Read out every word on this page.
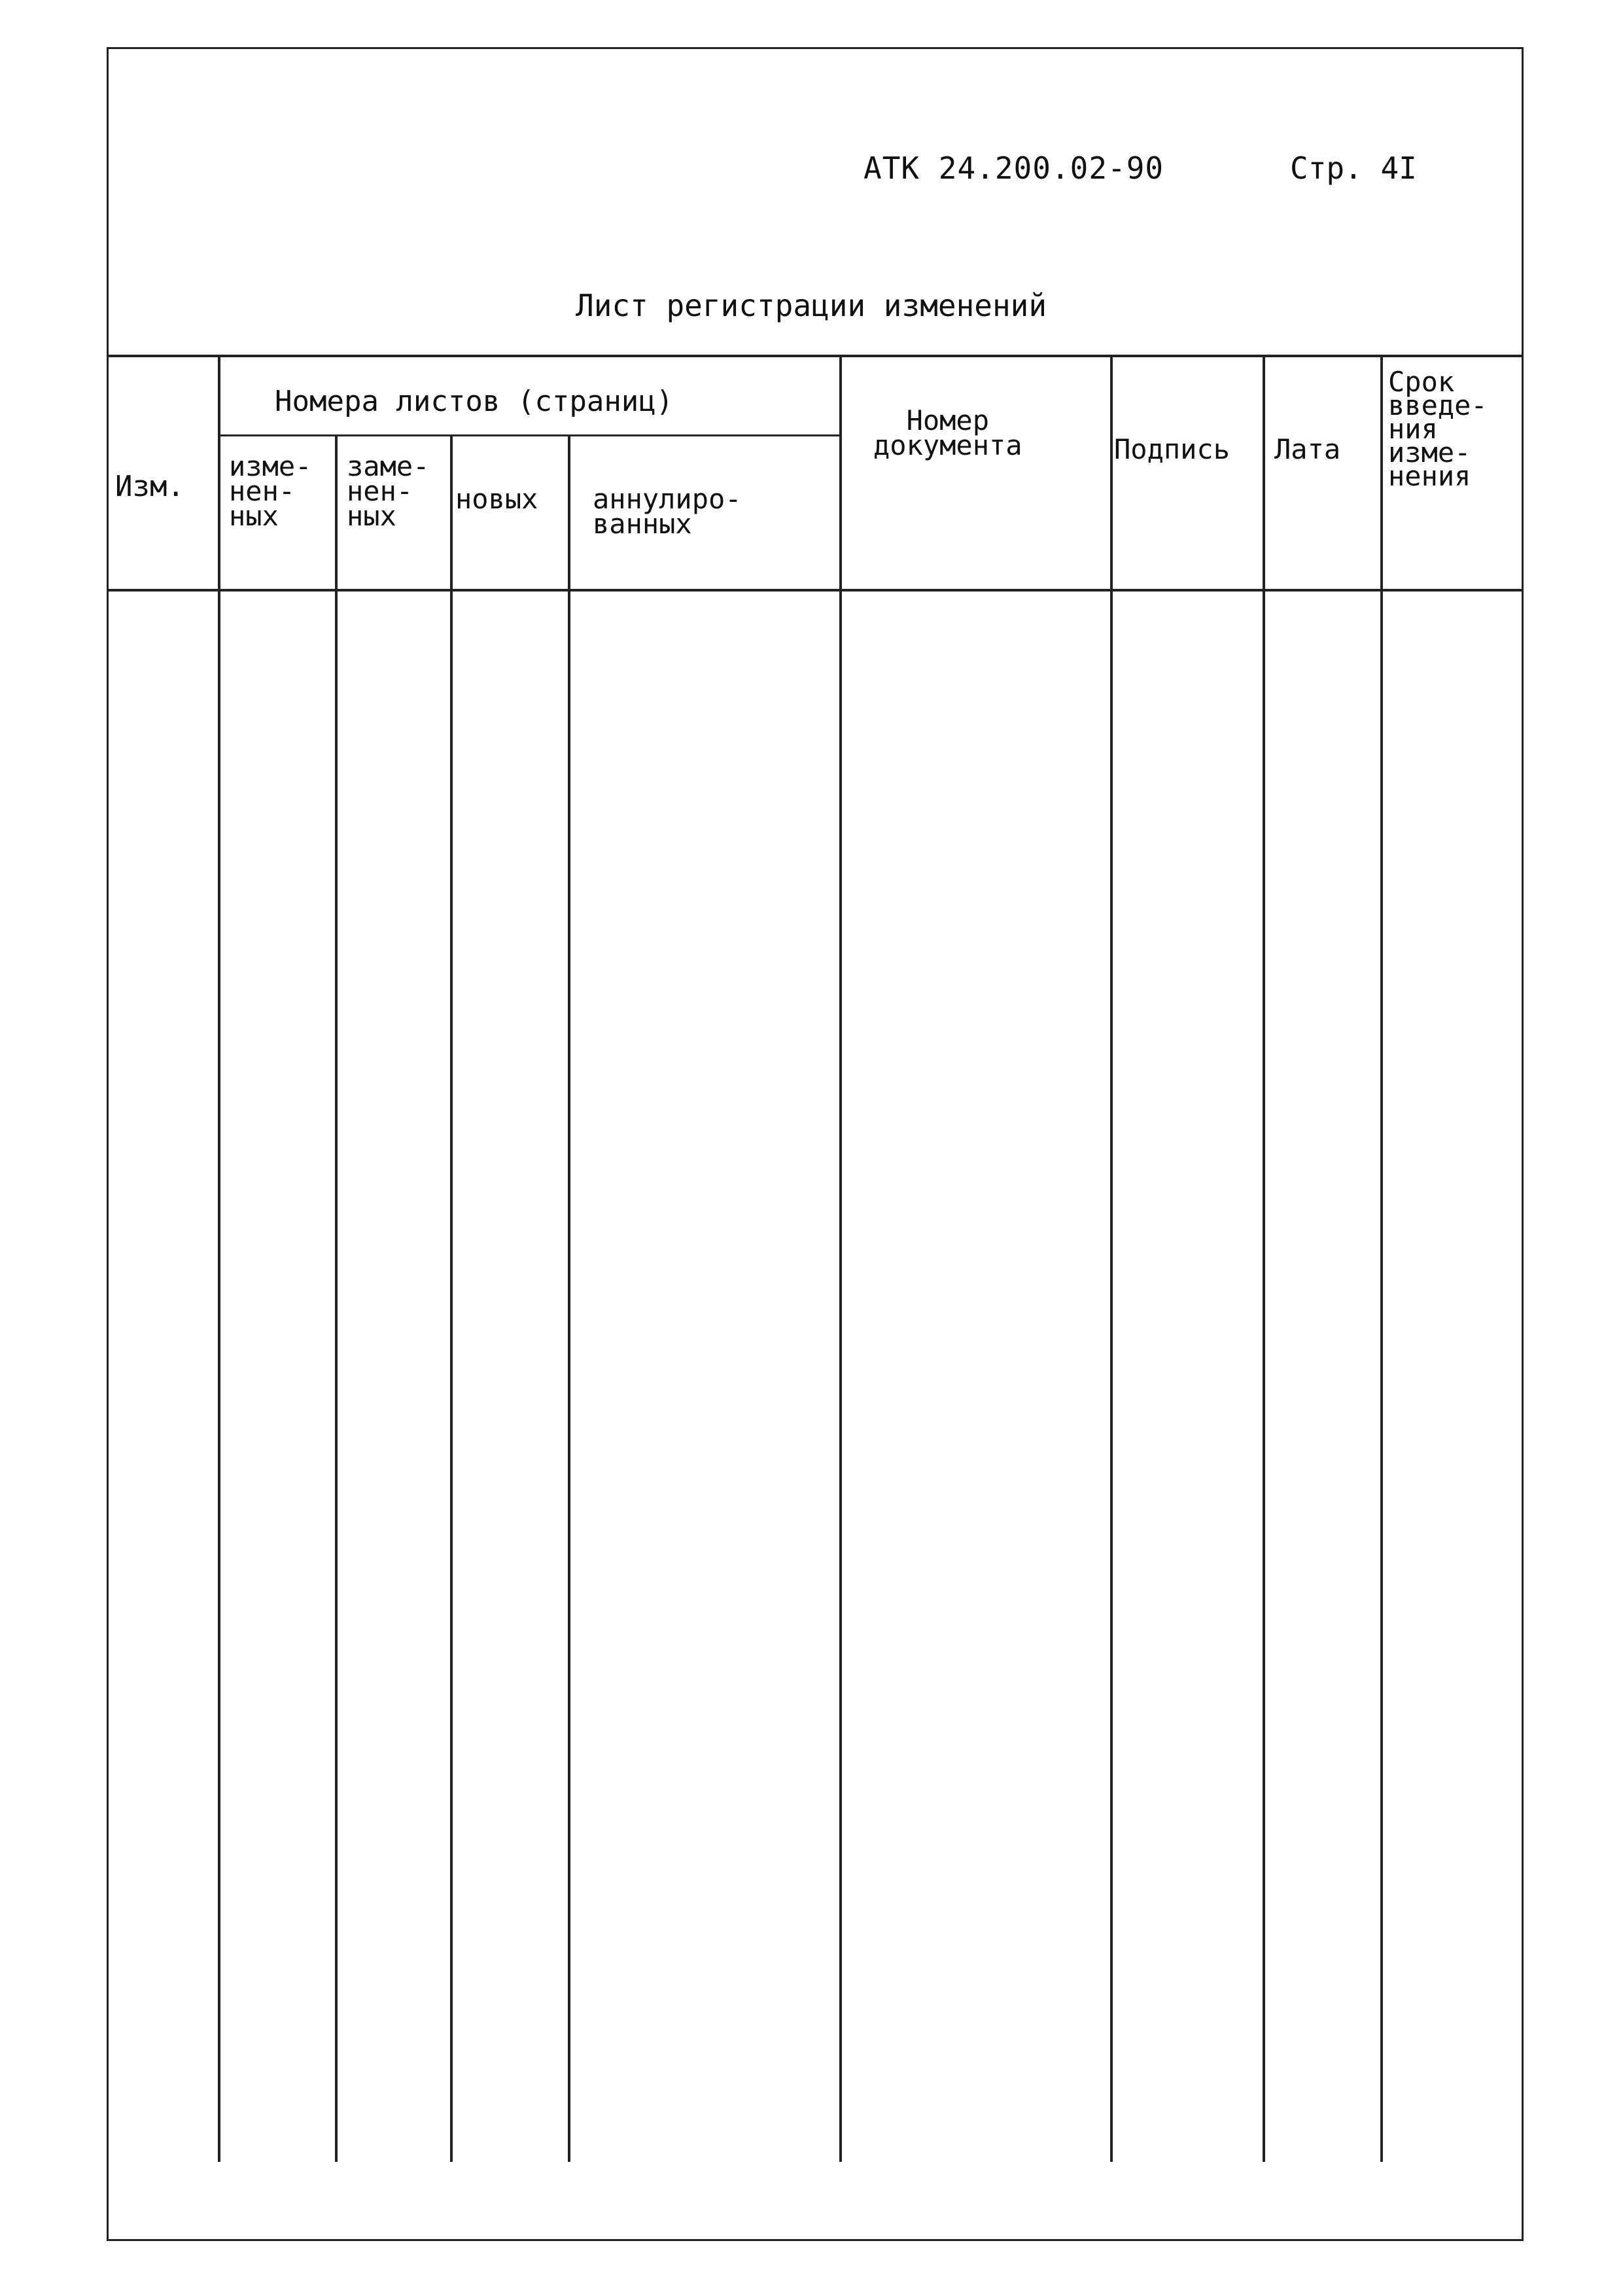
АТК 24.200.02-90	Стр. 4I
Лист регистрации изменений
Изм.
Номера листов (страниц)
изме-
нен-
ных
заме-
нен-
ных
новых аннулиро-
ванных
Номер
документа	Подпись Лата
Срок
введе-
ния
изме-
нения
